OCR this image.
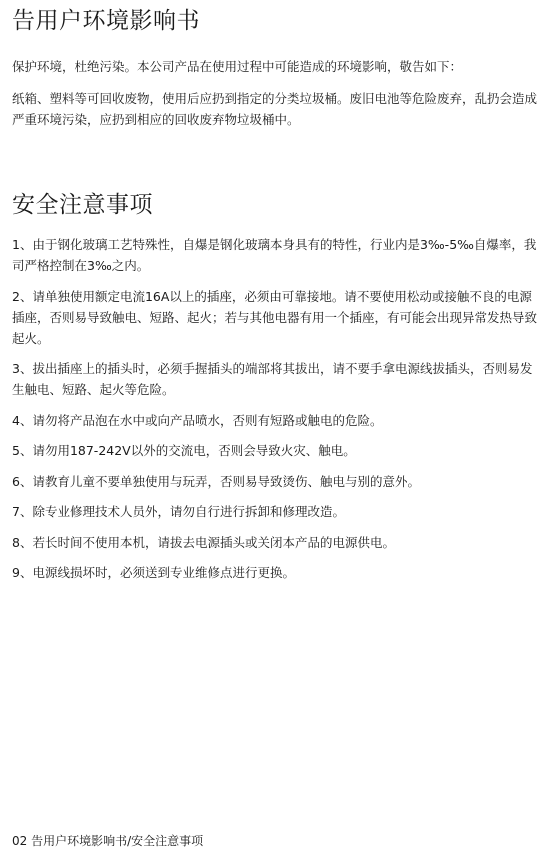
告用户环境影响书

保护环境，杜绝污染。本公司产品在使用过程中可能造成的环境影响，敬告如下：

纸箱、塑料等可回收废物，使用后应扔到指定的分类垃圾桶。废旧电池等危险废弃，乱扔会造成严重环境污染，应扔到相应的回收废弃物垃圾桶中。

安全注意事项

1、由于钢化玻璃工艺特殊性，自爆是钢化玻璃本身具有的特性，行业内是3‰-5‰自爆率，我司严格控制在3‰之内。

2、请单独使用额定电流16A以上的插座，必须由可靠接地。请不要使用松动或接触不良的电源插座，否则易导致触电、短路、起火；若与其他电器有用一个插座，有可能会出现异常发热导致起火。

3、拔出插座上的插头时，必须手握插头的端部将其拔出，请不要手拿电源线拔插头，否则易发生触电、短路、起火等危险。

4、请勿将产品泡在水中或向产品喷水，否则有短路或触电的危险。

5、请勿用187-242V以外的交流电，否则会导致火灾、触电。

6、请教育儿童不要单独使用与玩弄，否则易导致烫伤、触电与别的意外。

7、除专业修理技术人员外，请勿自行进行拆卸和修理改造。

8、若长时间不使用本机，请拔去电源插头或关闭本产品的电源供电。

9、电源线损坏时，必须送到专业维修点进行更换。

02 告用户环境影响书/安全注意事项
